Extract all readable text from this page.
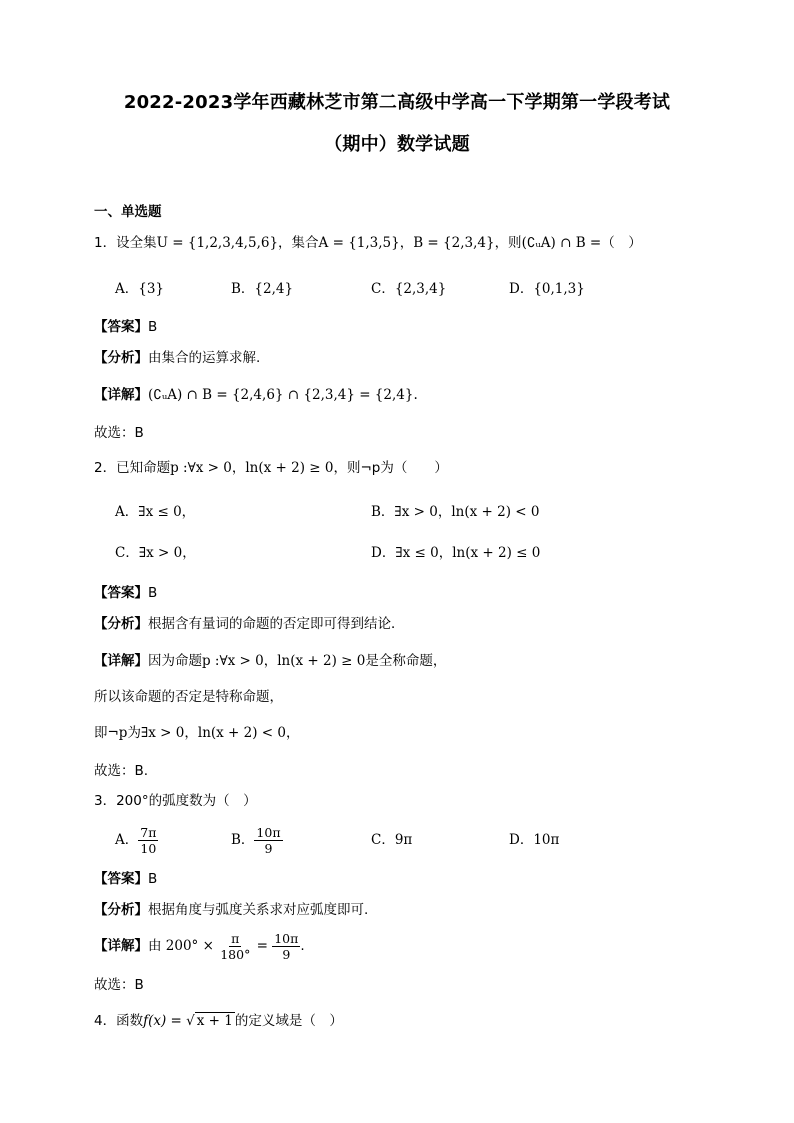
2022-2023学年西藏林芝市第二高级中学高一下学期第一学段考试
（期中）数学试题
一、单选题
1．设全集U = {1,2,3,4,5,6}，集合A = {1,3,5}，B = {2,3,4}，则(∁ᵤA) ∩ B =（　）
A．{3}	B．{2,4}	C．{2,3,4}	D．{0,1,3}
【答案】B
【分析】由集合的运算求解.
【详解】(∁ᵤA) ∩ B = {2,4,6} ∩ {2,3,4} = {2,4}.
故选：B
2．已知命题p :∀x > 0，ln(x + 2) ≥ 0，则¬p为（　　）
A．∃x ≤ 0，	B．∃x > 0，ln(x + 2) < 0
C．∃x > 0，	D．∃x ≤ 0，ln(x + 2) ≤ 0
【答案】B
【分析】根据含有量词的命题的否定即可得到结论．
【详解】因为命题p :∀x > 0，ln(x + 2) ≥ 0是全称命题，
所以该命题的否定是特称命题，
即¬p为∃x > 0，ln(x + 2) < 0，
故选：B.
3．200°的弧度数为（　）
A． $\frac{7\pi}{10}$	B． $\frac{10\pi}{9}$	C．9π	D．10π
【答案】B
【分析】根据角度与弧度关系求对应弧度即可.
【详解】由 $200^\circ \times \frac{\pi}{180^\circ} = \frac{10\pi}{9}$ .
故选：B
4．函数f(x) = √ x + 1 的定义域是（　）
